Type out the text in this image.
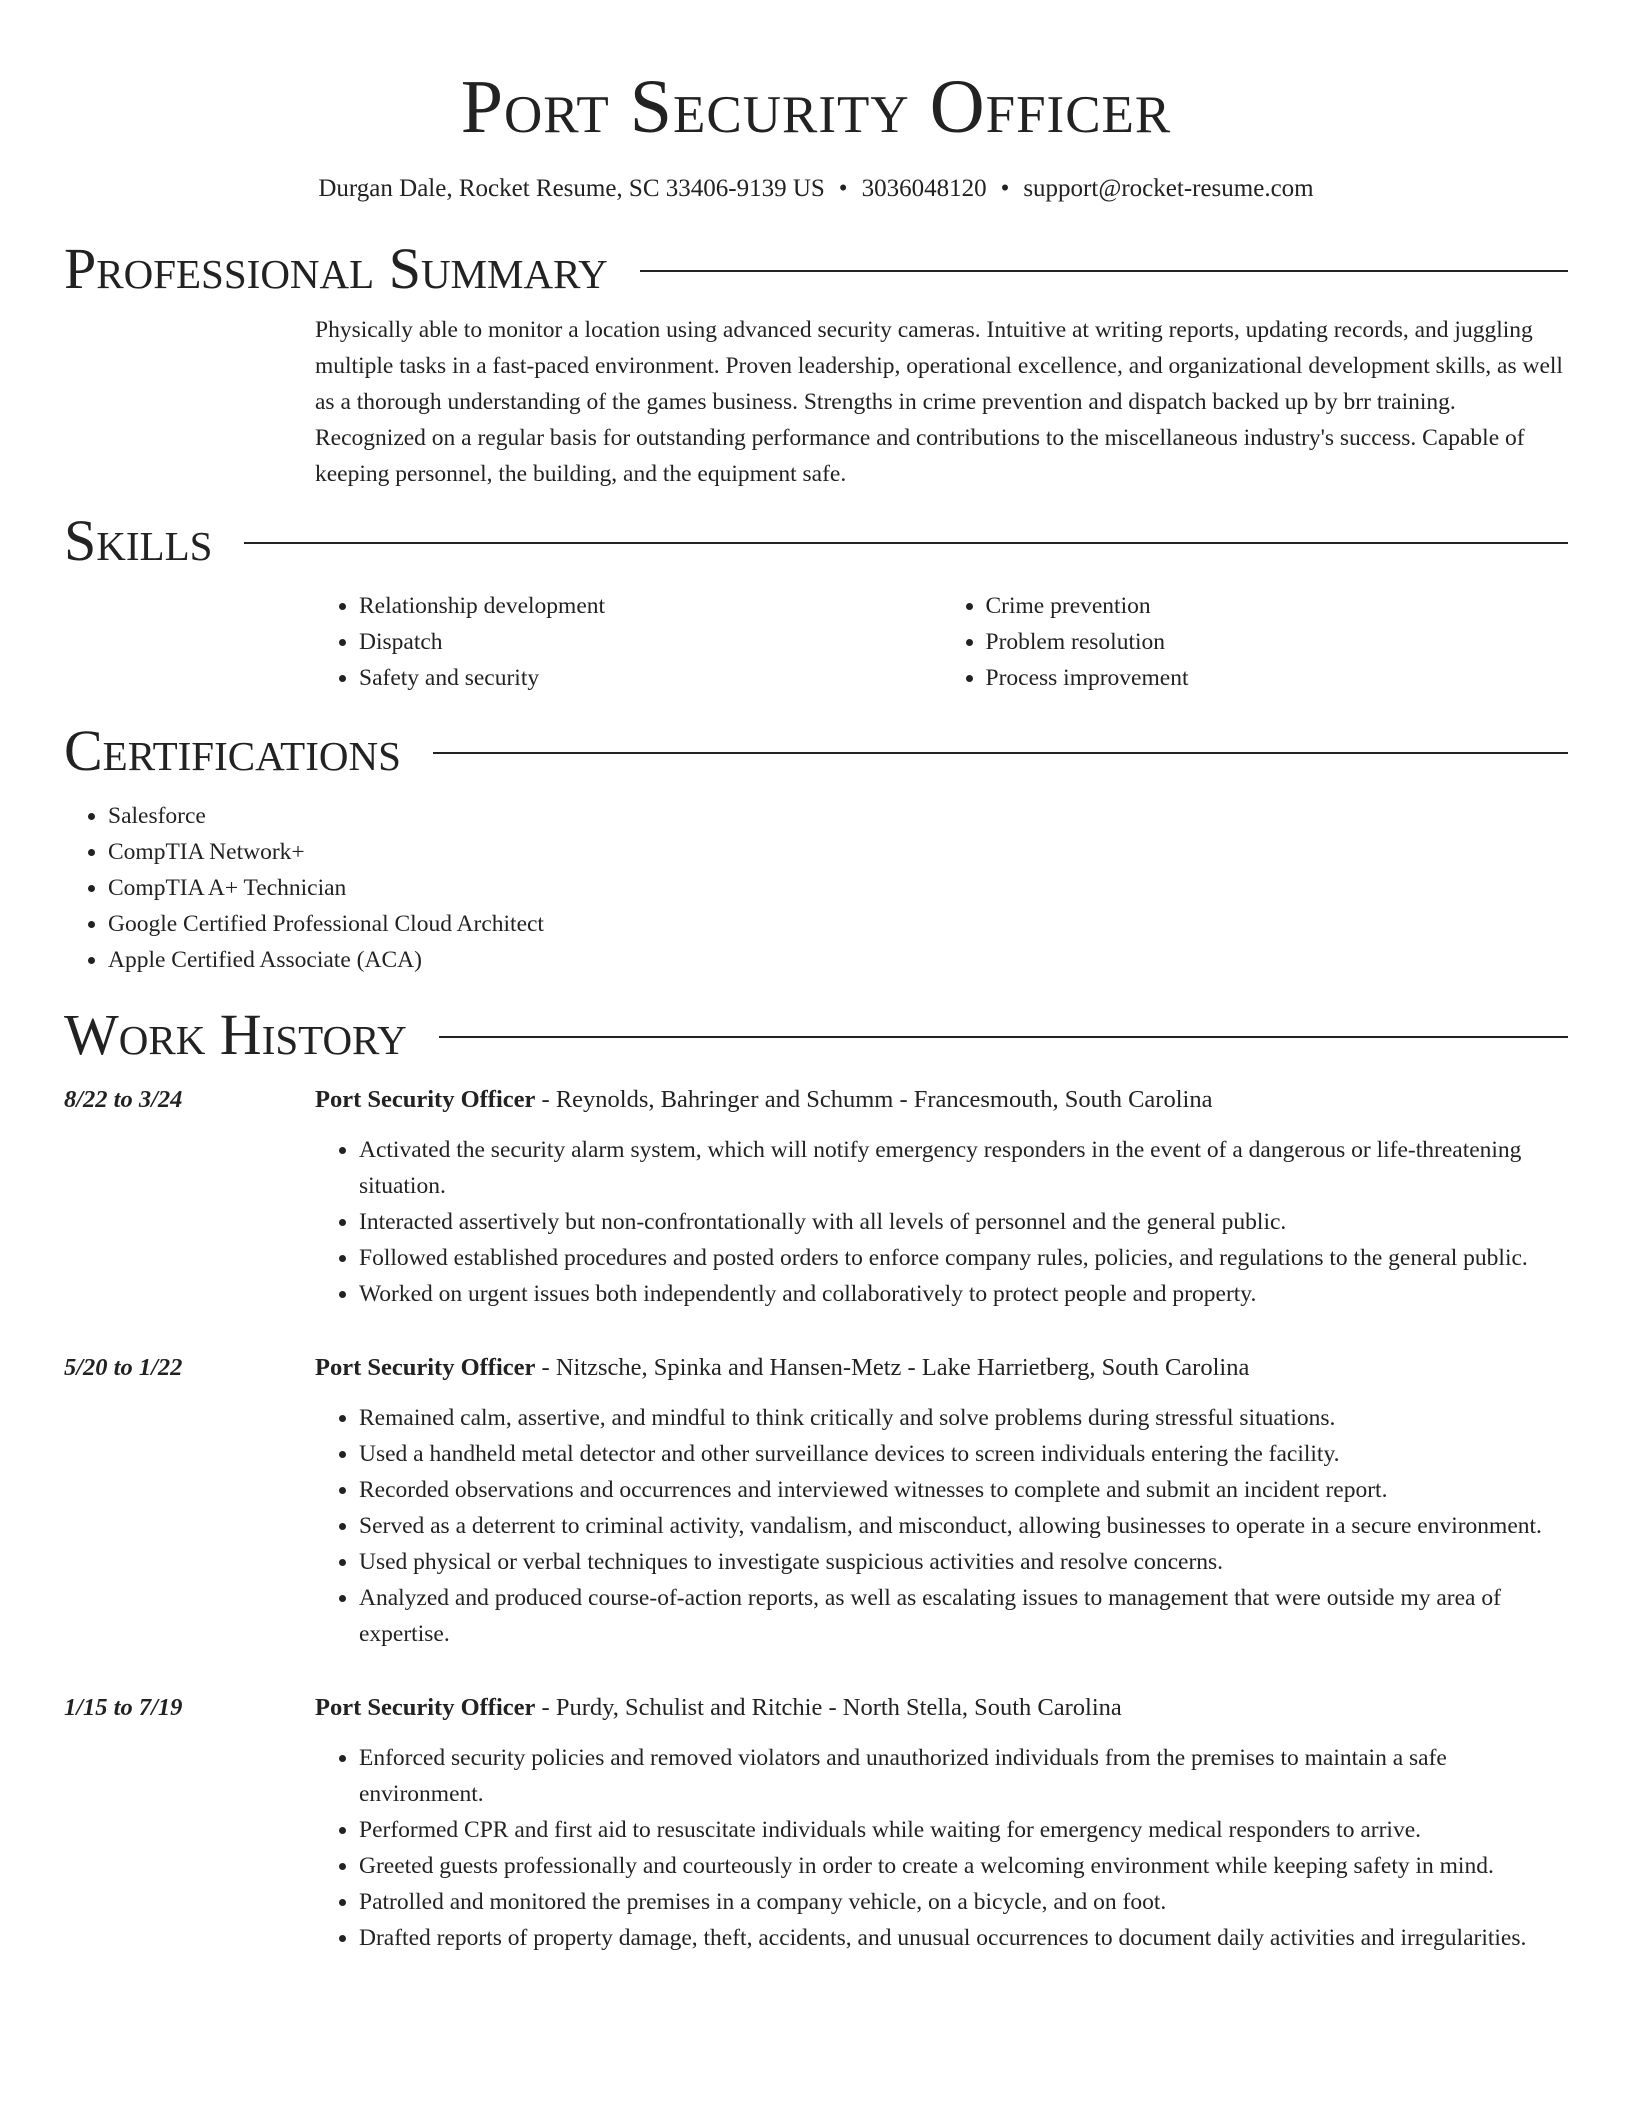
Port Security Officer
Durgan Dale, Rocket Resume, SC 33406-9139 US • 3036048120 • support@rocket-resume.com
Professional Summary

Physically able to monitor a location using advanced security cameras. Intuitive at writing reports, updating records, and juggling multiple tasks in a fast-paced environment. Proven leadership, operational excellence, and organizational development skills, as well as a thorough understanding of the games business. Strengths in crime prevention and dispatch backed up by brr training. Recognized on a regular basis for outstanding performance and contributions to the miscellaneous industry's success. Capable of keeping personnel, the building, and the equipment safe.

Skills
• Relationship development
• Dispatch
• Safety and security
• Crime prevention
• Problem resolution
• Process improvement
Certifications
• Salesforce
• CompTIA Network+
• CompTIA A+ Technician
• Google Certified Professional Cloud Architect
• Apple Certified Associate (ACA)
Work History
8/22 to 3/24	Port Security Officer - Reynolds, Bahringer and Schumm - Francesmouth, South Carolina
• Activated the security alarm system, which will notify emergency responders in the event of a dangerous or life-threatening situation.
• Interacted assertively but non-confrontationally with all levels of personnel and the general public.
• Followed established procedures and posted orders to enforce company rules, policies, and regulations to the general public.
• Worked on urgent issues both independently and collaboratively to protect people and property.
5/20 to 1/22	Port Security Officer - Nitzsche, Spinka and Hansen-Metz - Lake Harrietberg, South Carolina
• Remained calm, assertive, and mindful to think critically and solve problems during stressful situations.
• Used a handheld metal detector and other surveillance devices to screen individuals entering the facility.
• Recorded observations and occurrences and interviewed witnesses to complete and submit an incident report.
• Served as a deterrent to criminal activity, vandalism, and misconduct, allowing businesses to operate in a secure environment.
• Used physical or verbal techniques to investigate suspicious activities and resolve concerns.
• Analyzed and produced course-of-action reports, as well as escalating issues to management that were outside my area of expertise.
1/15 to 7/19	Port Security Officer - Purdy, Schulist and Ritchie - North Stella, South Carolina
• Enforced security policies and removed violators and unauthorized individuals from the premises to maintain a safe environment.
• Performed CPR and first aid to resuscitate individuals while waiting for emergency medical responders to arrive.
• Greeted guests professionally and courteously in order to create a welcoming environment while keeping safety in mind.
• Patrolled and monitored the premises in a company vehicle, on a bicycle, and on foot.
• Drafted reports of property damage, theft, accidents, and unusual occurrences to document daily activities and irregularities.
